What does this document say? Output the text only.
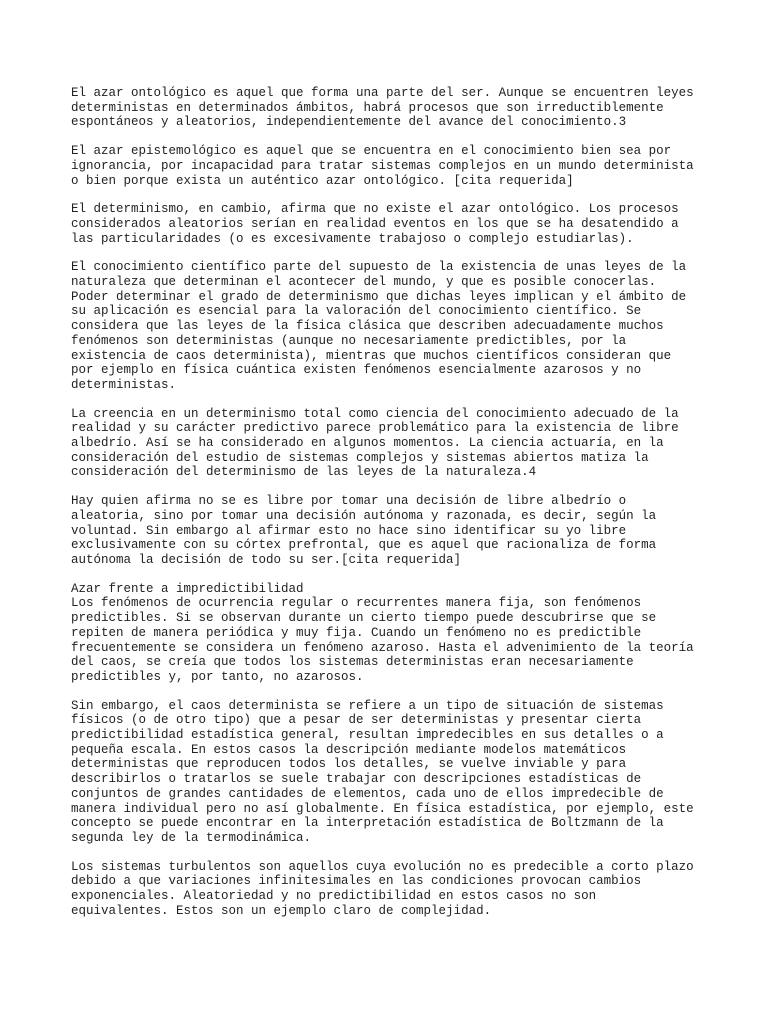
El azar ontológico es aquel que forma una parte del ser. Aunque se encuentren leyes
deterministas en determinados ámbitos, habrá procesos que son irreductiblemente
espontáneos y aleatorios, independientemente del avance del conocimiento.3

El azar epistemológico es aquel que se encuentra en el conocimiento bien sea por
ignorancia, por incapacidad para tratar sistemas complejos en un mundo determinista
o bien porque exista un auténtico azar ontológico. [cita requerida]

El determinismo, en cambio, afirma que no existe el azar ontológico. Los procesos
considerados aleatorios serían en realidad eventos en los que se ha desatendido a
las particularidades (o es excesivamente trabajoso o complejo estudiarlas).

El conocimiento científico parte del supuesto de la existencia de unas leyes de la
naturaleza que determinan el acontecer del mundo, y que es posible conocerlas.
Poder determinar el grado de determinismo que dichas leyes implican y el ámbito de
su aplicación es esencial para la valoración del conocimiento científico. Se
considera que las leyes de la física clásica que describen adecuadamente muchos
fenómenos son deterministas (aunque no necesariamente predictibles, por la
existencia de caos determinista), mientras que muchos científicos consideran que
por ejemplo en física cuántica existen fenómenos esencialmente azarosos y no
deterministas.

La creencia en un determinismo total como ciencia del conocimiento adecuado de la
realidad y su carácter predictivo parece problemático para la existencia de libre
albedrío. Así se ha considerado en algunos momentos. La ciencia actuaría, en la
consideración del estudio de sistemas complejos y sistemas abiertos matiza la
consideración del determinismo de las leyes de la naturaleza.4

Hay quien afirma no se es libre por tomar una decisión de libre albedrío o
aleatoria, sino por tomar una decisión autónoma y razonada, es decir, según la
voluntad. Sin embargo al afirmar esto no hace sino identificar su yo libre
exclusivamente con su córtex prefrontal, que es aquel que racionaliza de forma
autónoma la decisión de todo su ser.[cita requerida]

Azar frente a impredictibilidad
Los fenómenos de ocurrencia regular o recurrentes manera fija, son fenómenos
predictibles. Si se observan durante un cierto tiempo puede descubrirse que se
repiten de manera periódica y muy fija. Cuando un fenómeno no es predictible
frecuentemente se considera un fenómeno azaroso. Hasta el advenimiento de la teoría
del caos, se creía que todos los sistemas deterministas eran necesariamente
predictibles y, por tanto, no azarosos.

Sin embargo, el caos determinista se refiere a un tipo de situación de sistemas
físicos (o de otro tipo) que a pesar de ser deterministas y presentar cierta
predictibilidad estadística general, resultan impredecibles en sus detalles o a
pequeña escala. En estos casos la descripción mediante modelos matemáticos
deterministas que reproducen todos los detalles, se vuelve inviable y para
describirlos o tratarlos se suele trabajar con descripciones estadísticas de
conjuntos de grandes cantidades de elementos, cada uno de ellos impredecible de
manera individual pero no así globalmente. En física estadística, por ejemplo, este
concepto se puede encontrar en la interpretación estadística de Boltzmann de la
segunda ley de la termodinámica.

Los sistemas turbulentos son aquellos cuya evolución no es predecible a corto plazo
debido a que variaciones infinitesimales en las condiciones provocan cambios
exponenciales. Aleatoriedad y no predictibilidad en estos casos no son
equivalentes. Estos son un ejemplo claro de complejidad.
